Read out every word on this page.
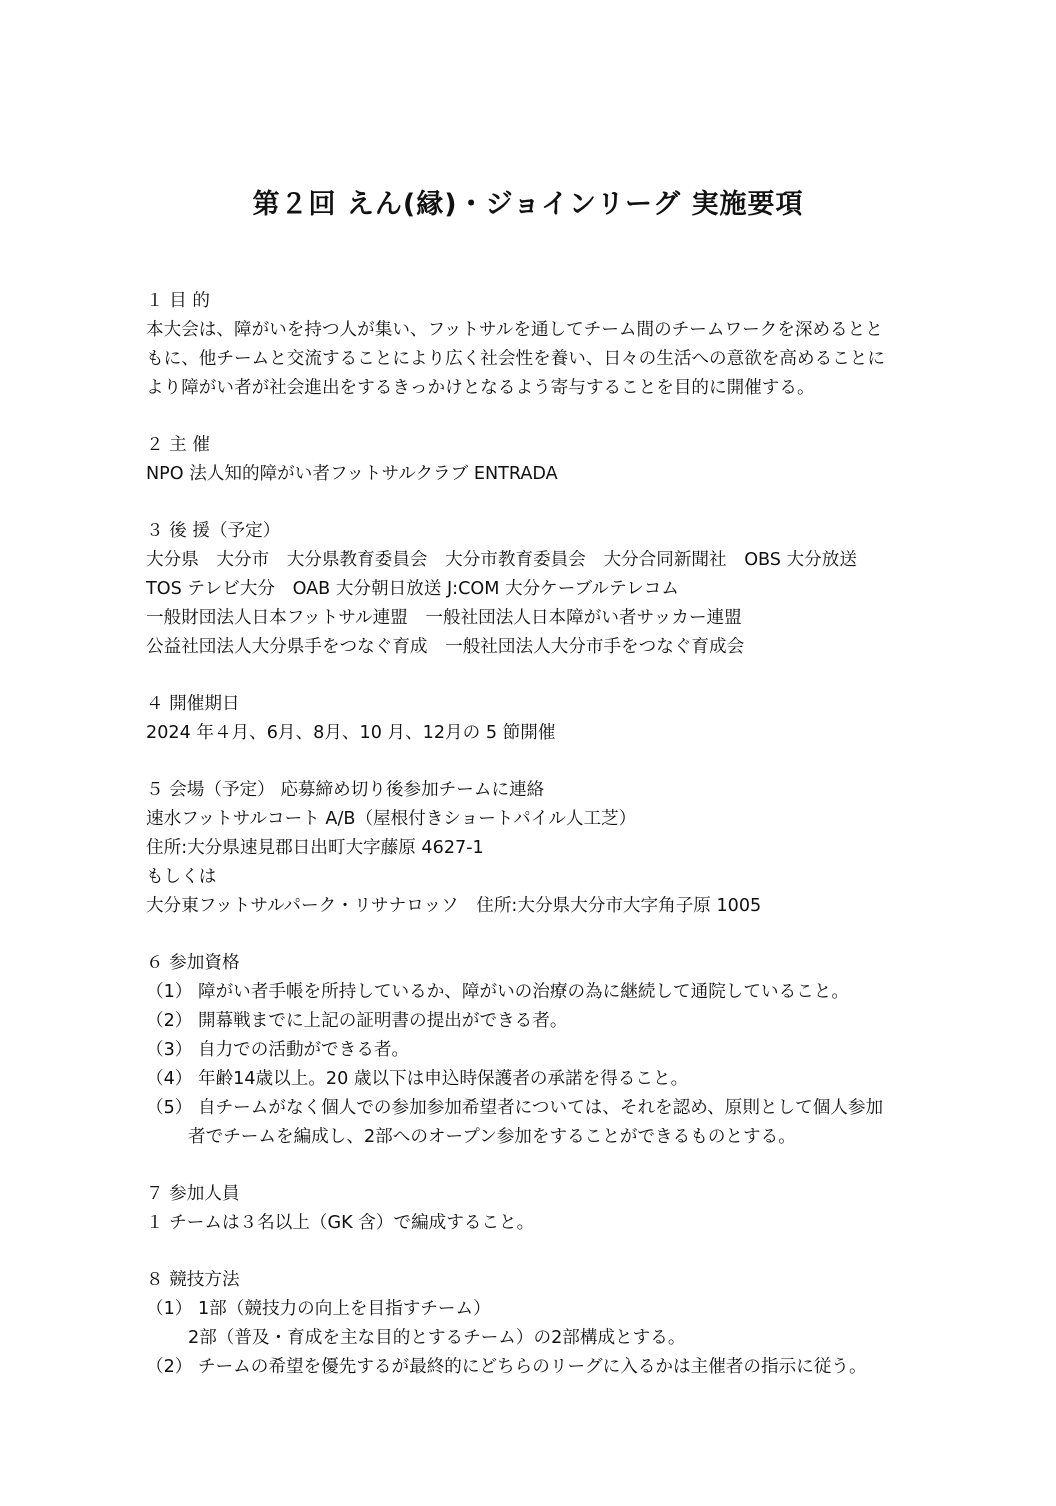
第２回 えん(縁)・ジョインリーグ 実施要項
１ 目 的
本大会は、障がいを持つ人が集い、フットサルを通してチーム間のチームワークを深めるとと
もに、他チームと交流することにより広く社会性を養い、日々の生活への意欲を高めることに
より障がい者が社会進出をするきっかけとなるよう寄与することを目的に開催する。
２ 主 催
NPO 法人知的障がい者フットサルクラブ ENTRADA
３ 後 援（予定）
大分県　大分市　大分県教育委員会　大分市教育委員会　大分合同新聞社　OBS 大分放送
TOS テレビ大分　OAB 大分朝日放送 J:COM 大分ケーブルテレコム
一般財団法人日本フットサル連盟　一般社団法人日本障がい者サッカー連盟
公益社団法人大分県手をつなぐ育成　一般社団法人大分市手をつなぐ育成会
４ 開催期日
2024 年４月、6月、8月、10 月、12月の 5 節開催
５ 会場（予定） 応募締め切り後参加チームに連絡
速水フットサルコート A/B（屋根付きショートパイル人工芝）
住所:大分県速見郡日出町大字藤原 4627-1
もしくは
大分東フットサルパーク・リサナロッソ　住所:大分県大分市大字角子原 1005
６ 参加資格
（1） 障がい者手帳を所持しているか、障がいの治療の為に継続して通院していること。
（2） 開幕戦までに上記の証明書の提出ができる者。
（3） 自力での活動ができる者。
（4） 年齢14歳以上。20 歳以下は申込時保護者の承諾を得ること。
（5） 自チームがなく個人での参加参加希望者については、それを認め、原則として個人参加
者でチームを編成し、2部へのオープン参加をすることができるものとする。
７ 参加人員
１ チームは３名以上（GK 含）で編成すること。
８ 競技方法
（1） 1部（競技力の向上を目指すチーム）
2部（普及・育成を主な目的とするチーム）の2部構成とする。
（2） チームの希望を優先するが最終的にどちらのリーグに入るかは主催者の指示に従う。
